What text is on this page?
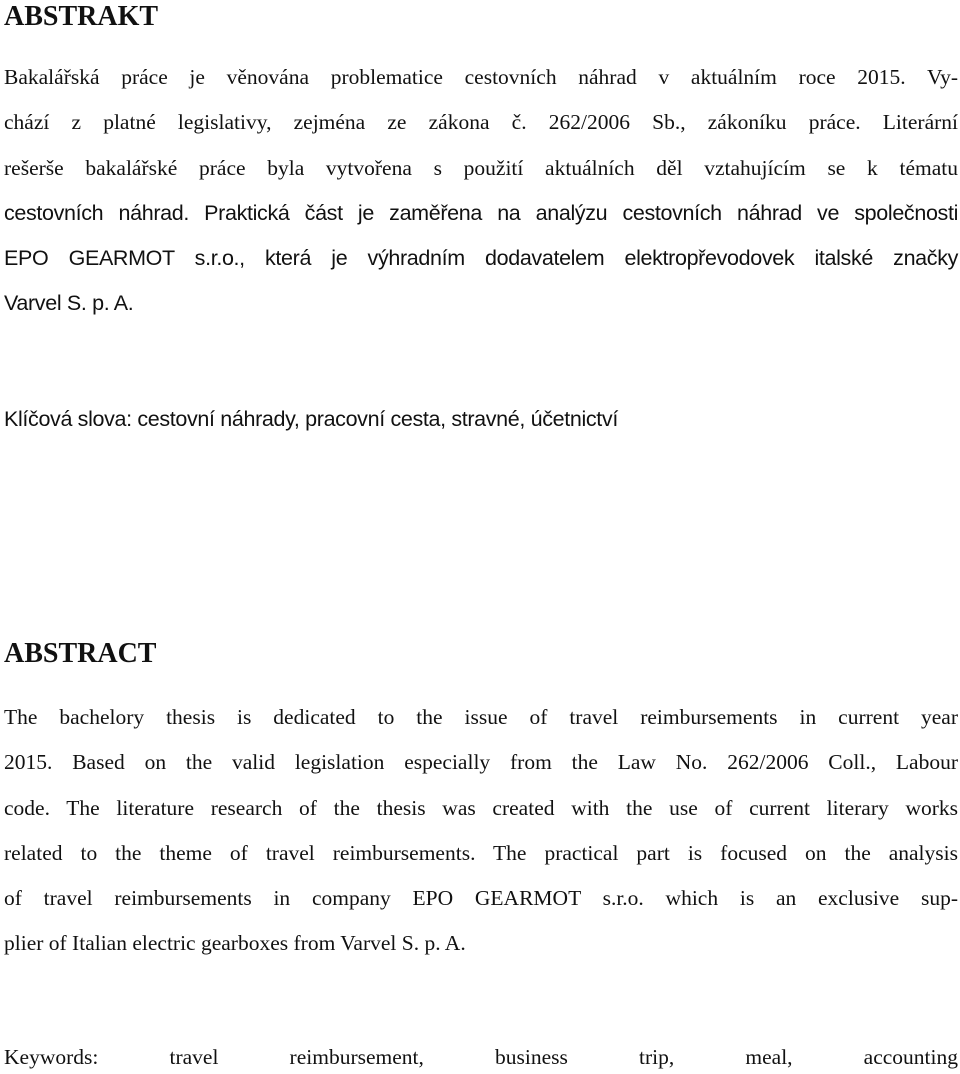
ABSTRAKT
Bakalářská práce je věnována problematice cestovních náhrad v aktuálním roce 2015. Vy-
chází z platné legislativy, zejména ze zákona č. 262/2006 Sb., zákoníku práce. Literární
rešerše bakalářské práce byla vytvořena s použití aktuálních děl vztahujícím se k tématu
cestovních náhrad. Praktická část je zaměřena na analýzu cestovních náhrad ve společnosti
EPO GEARMOT s.r.o., která je výhradním dodavatelem elektropřevodovek italské značky
Varvel S. p. A.

Klíčová slova: cestovní náhrady, pracovní cesta, stravné, účetnictví

ABSTRACT
The bachelory thesis is dedicated to the issue of travel reimbursements in current year
2015. Based on the valid legislation especially from the Law No. 262/2006 Coll., Labour
code. The literature research of the thesis was created with the use of current literary works
related to the theme of travel reimbursements. The practical part is focused on the analysis
of travel reimbursements in company EPO GEARMOT s.r.o. which is an exclusive sup-
plier of Italian electric gearboxes from Varvel S. p. A.

Keywords: travel reimbursement, business trip, meal, accounting
